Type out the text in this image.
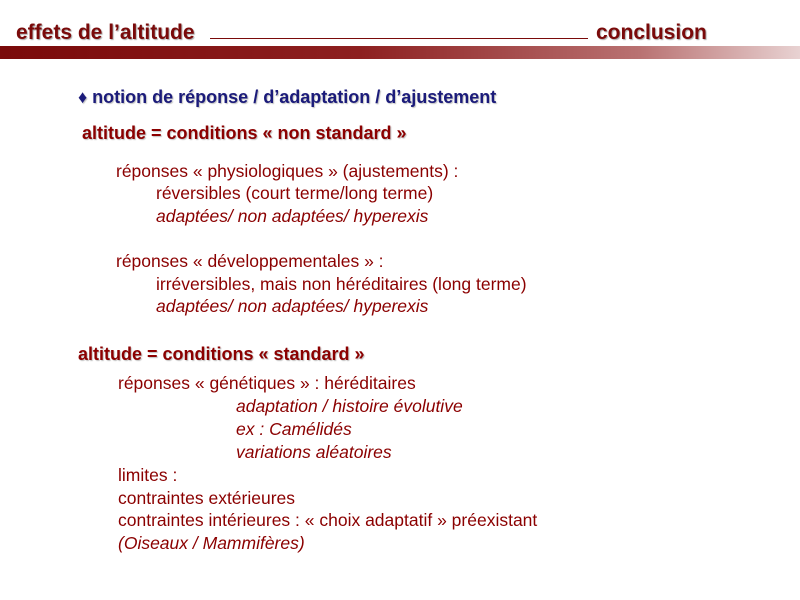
effets de l’altitude	conclusion
♦ notion de réponse / d’adaptation / d’ajustement
altitude = conditions « non standard »
réponses « physiologiques » (ajustements) :
réversibles (court terme/long terme)
adaptées/ non adaptées/ hyperexis
réponses « développementales » :
irréversibles, mais non héréditaires (long terme)
adaptées/ non adaptées/ hyperexis
altitude = conditions « standard »
réponses « génétiques » : héréditaires
adaptation / histoire évolutive
ex : Camélidés
variations aléatoires
limites :
contraintes extérieures
contraintes intérieures : « choix adaptatif » préexistant
(Oiseaux / Mammifères)
